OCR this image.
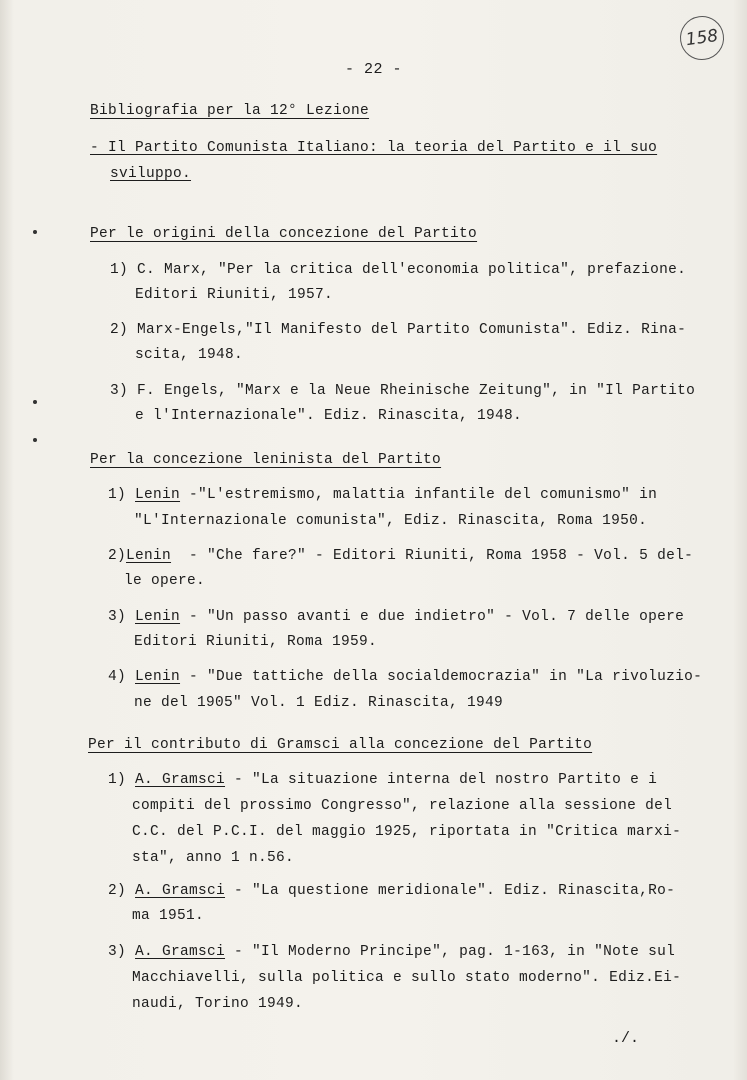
158
- 22 -
Bibliografia per la 12° Lezione
- Il Partito Comunista Italiano: la teoria del Partito e il suo
sviluppo.
Per le origini della concezione del Partito
1) C. Marx, "Per la critica dell'economia politica", prefazione.
Editori Riuniti, 1957.
2) Marx-Engels,"Il Manifesto del Partito Comunista". Ediz. Rina-
scita, 1948.
3) F. Engels, "Marx e la Neue Rheinische Zeitung", in "Il Partito
e l'Internazionale". Ediz. Rinascita, 1948.
Per la concezione leninista del Partito
1) Lenin -"L'estremismo, malattia infantile del comunismo" in
"L'Internazionale comunista", Ediz. Rinascita, Roma 1950.
2)Lenin  - "Che fare?" - Editori Riuniti, Roma 1958 - Vol. 5 del-
le opere.
3) Lenin - "Un passo avanti e due indietro" - Vol. 7 delle opere
Editori Riuniti, Roma 1959.
4) Lenin - "Due tattiche della socialdemocrazia" in "La rivoluzio-
ne del 1905" Vol. 1 Ediz. Rinascita, 1949
Per il contributo di Gramsci alla concezione del Partito
1) A. Gramsci - "La situazione interna del nostro Partito e i
compiti del prossimo Congresso", relazione alla sessione del
C.C. del P.C.I. del maggio 1925, riportata in "Critica marxi-
sta", anno 1 n.56.
2) A. Gramsci - "La questione meridionale". Ediz. Rinascita,Ro-
ma 1951.
3) A. Gramsci - "Il Moderno Principe", pag. 1-163, in "Note sul
Macchiavelli, sulla politica e sullo stato moderno". Ediz.Ei-
naudi, Torino 1949.
./.
